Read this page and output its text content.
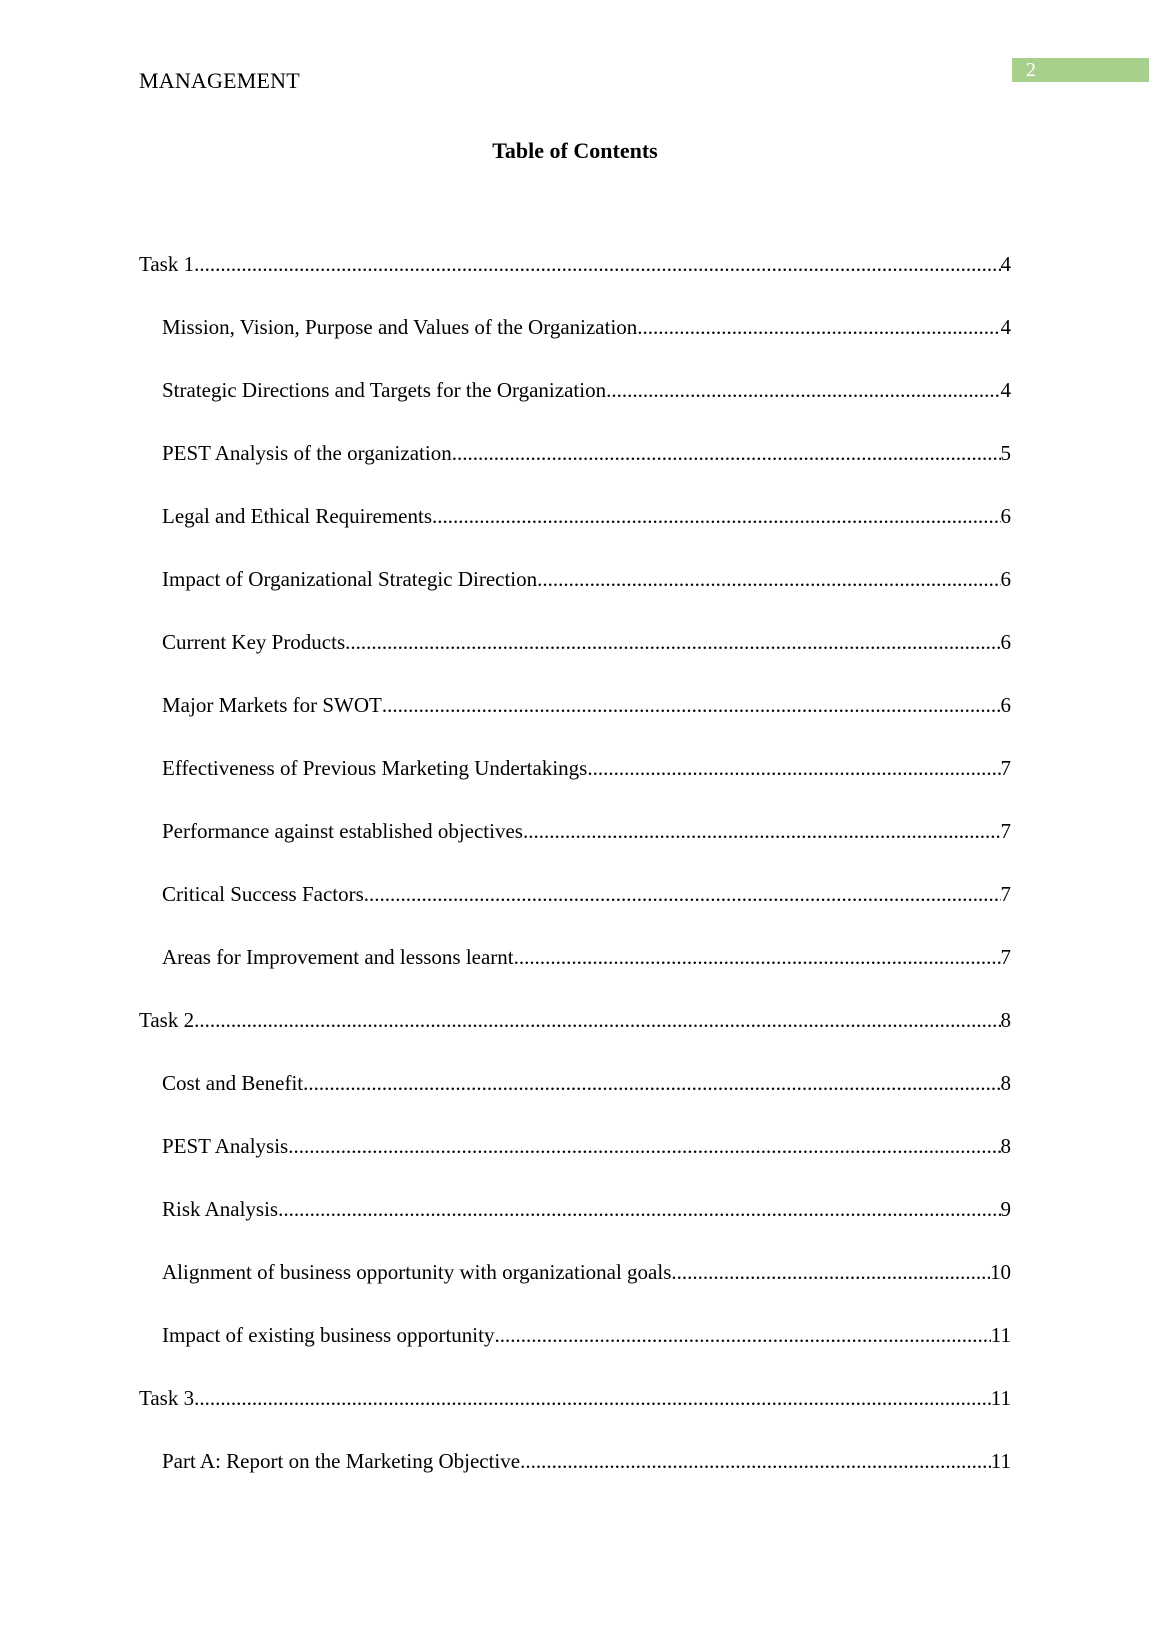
MANAGEMENT	2
Table of Contents
Task 1 .....	4
Mission, Vision, Purpose and Values of the Organization .....	4
Strategic Directions and Targets for the Organization .....	4
PEST Analysis of the organization .....	5
Legal and Ethical Requirements .....	6
Impact of Organizational Strategic Direction .....	6
Current Key Products .....	6
Major Markets for SWOT .....	6
Effectiveness of Previous Marketing Undertakings .....	7
Performance against established objectives .....	7
Critical Success Factors .....	7
Areas for Improvement and lessons learnt .....	7
Task 2 .....	8
Cost and Benefit .....	8
PEST Analysis .....	8
Risk Analysis .....	9
Alignment of business opportunity with organizational goals .....	10
Impact of existing business opportunity .....	11
Task 3 .....	11
Part A: Report on the Marketing Objective .....	11
